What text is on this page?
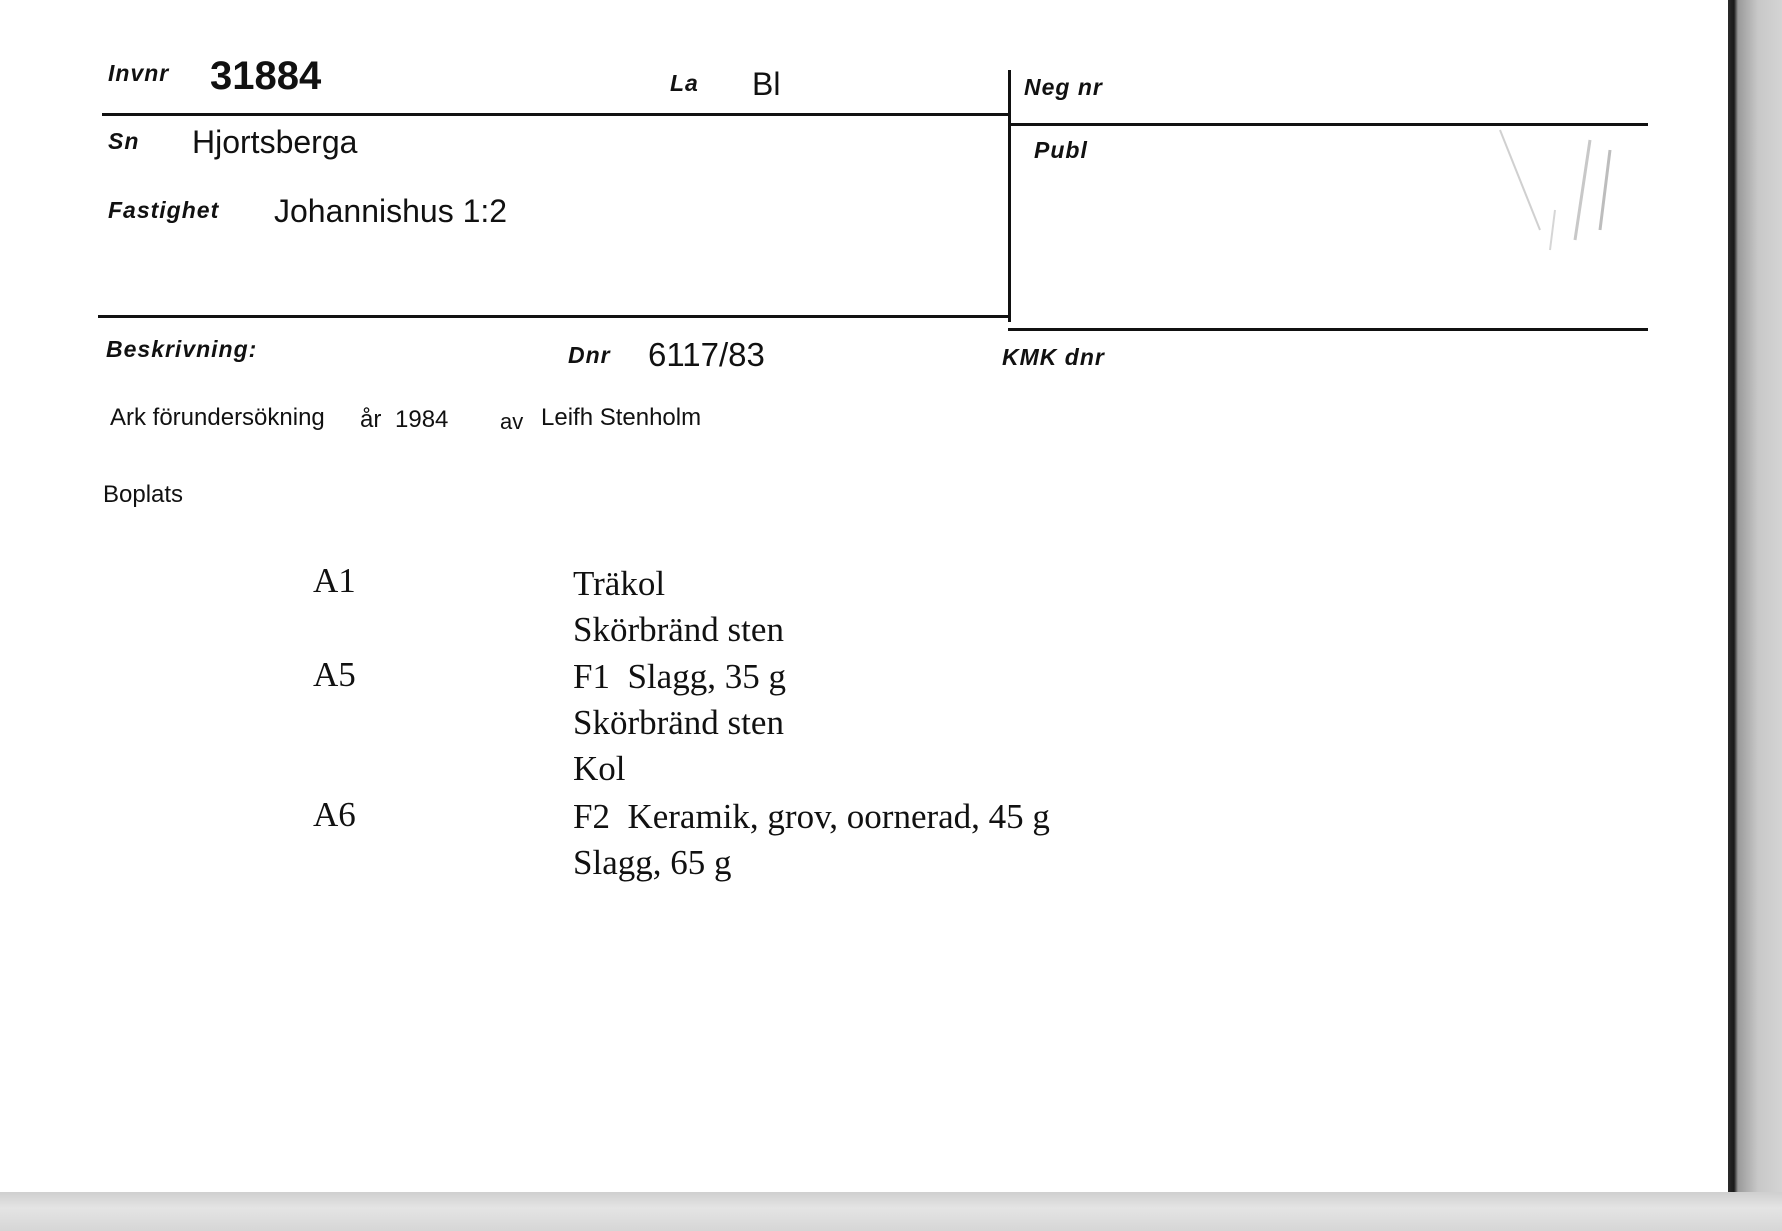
Invnr 31884	La Bl	Neg nr
Sn Hjortsberga	Publ
Fastighet Johannishus 1:2
Beskrivning:	Dnr 6117/83	KMK dnr
Ark förundersökning år 1984 av Leifh Stenholm
Boplats
A1	Träkol
Skörbränd sten
A5	F1  Slagg, 35 g
Skörbränd sten
Kol
A6	F2  Keramik, grov, oornerad, 45 g
Slagg, 65 g
